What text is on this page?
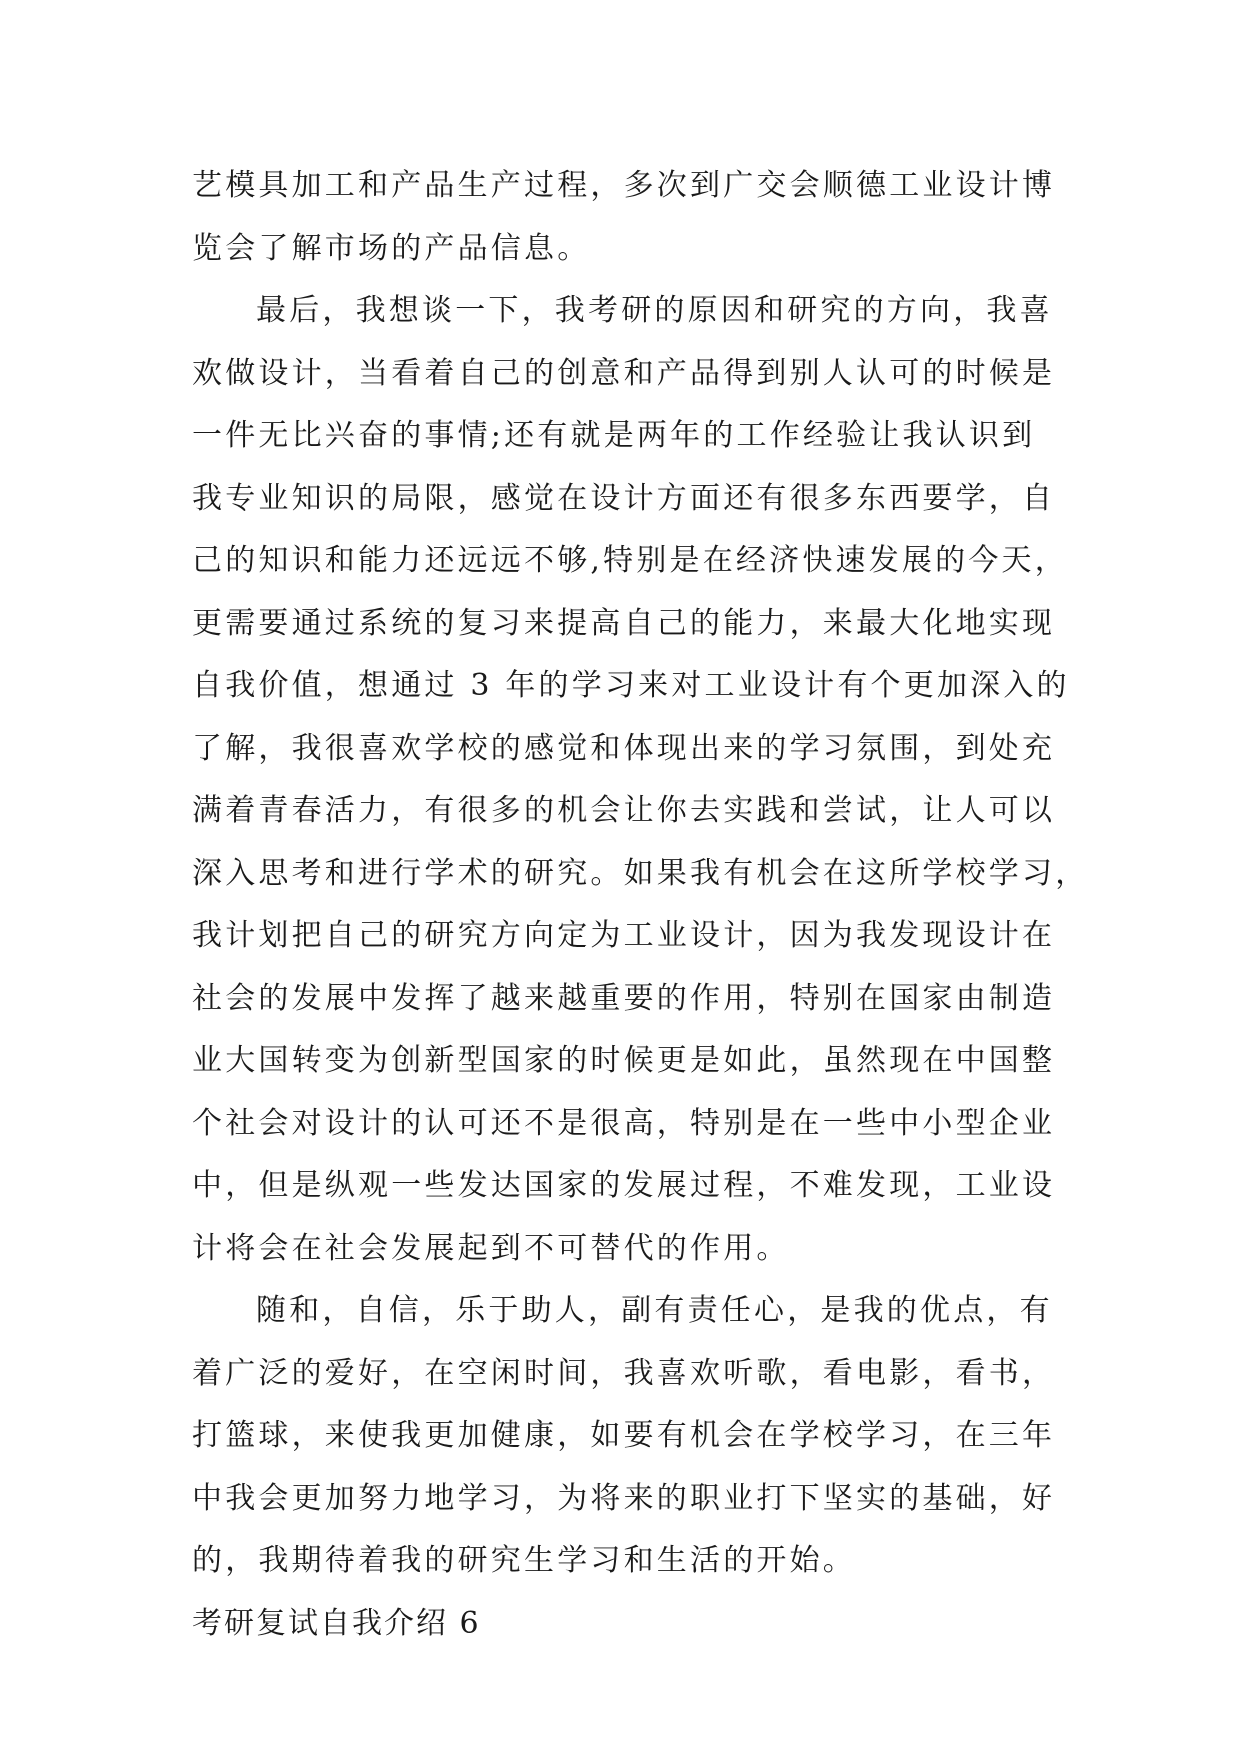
艺模具加工和产品生产过程，多次到广交会顺德工业设计博
览会了解市场的产品信息。
最后，我想谈一下，我考研的原因和研究的方向，我喜
欢做设计，当看着自己的创意和产品得到别人认可的时候是
一件无比兴奋的事情;还有就是两年的工作经验让我认识到
我专业知识的局限，感觉在设计方面还有很多东西要学，自
己的知识和能力还远远不够,特别是在经济快速发展的今天，
更需要通过系统的复习来提高自己的能力，来最大化地实现
自我价值，想通过 3 年的学习来对工业设计有个更加深入的
了解，我很喜欢学校的感觉和体现出来的学习氛围，到处充
满着青春活力，有很多的机会让你去实践和尝试，让人可以
深入思考和进行学术的研究。如果我有机会在这所学校学习，
我计划把自己的研究方向定为工业设计，因为我发现设计在
社会的发展中发挥了越来越重要的作用，特别在国家由制造
业大国转变为创新型国家的时候更是如此，虽然现在中国整
个社会对设计的认可还不是很高，特别是在一些中小型企业
中，但是纵观一些发达国家的发展过程，不难发现，工业设
计将会在社会发展起到不可替代的作用。
随和，自信，乐于助人，副有责任心，是我的优点，有
着广泛的爱好，在空闲时间，我喜欢听歌，看电影，看书，
打篮球，来使我更加健康，如要有机会在学校学习，在三年
中我会更加努力地学习，为将来的职业打下坚实的基础，好
的，我期待着我的研究生学习和生活的开始。
考研复试自我介绍 6
